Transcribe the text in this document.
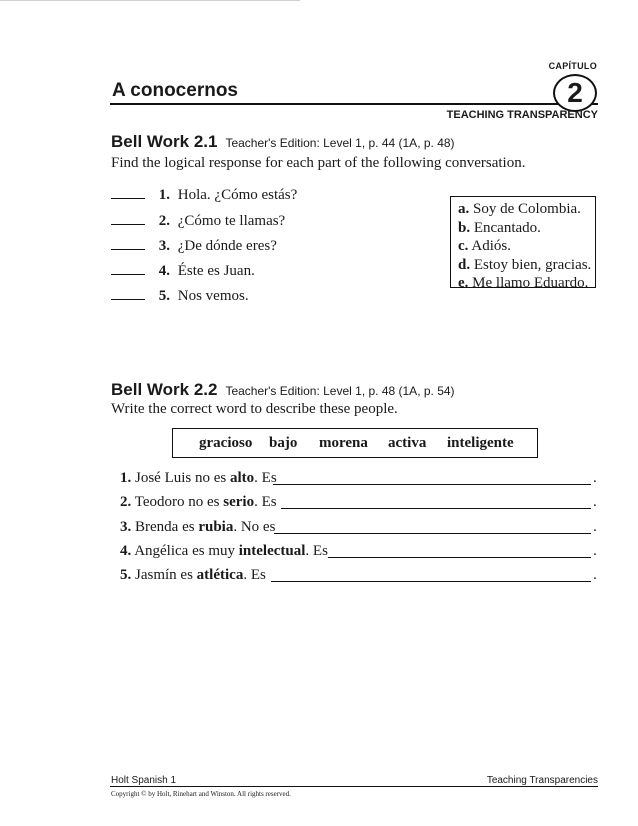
CAPÍTULO
A conocernos	2
TEACHING TRANSPARENCY
Bell Work 2.1 Teacher's Edition: Level 1, p. 44 (1A, p. 48)
Find the logical response for each part of the following conversation.
1. Hola. ¿Cómo estás?
2. ¿Cómo te llamas?
3. ¿De dónde eres?
4. Éste es Juan.
5. Nos vemos.
a. Soy de Colombia.
b. Encantado.
c. Adiós.
d. Estoy bien, gracias.
e. Me llamo Eduardo.
Bell Work 2.2 Teacher's Edition: Level 1, p. 48 (1A, p. 54)
Write the correct word to describe these people.
gracioso bajo morena activa inteligente
1. José Luis no es alto. Es	.
2. Teodoro no es serio. Es	.
3. Brenda es rubia. No es	.
4. Angélica es muy intelectual. Es	.
5. Jasmín es atlética. Es	.
Holt Spanish 1	Teaching Transparencies
Copyright © by Holt, Rinehart and Winston. All rights reserved.
